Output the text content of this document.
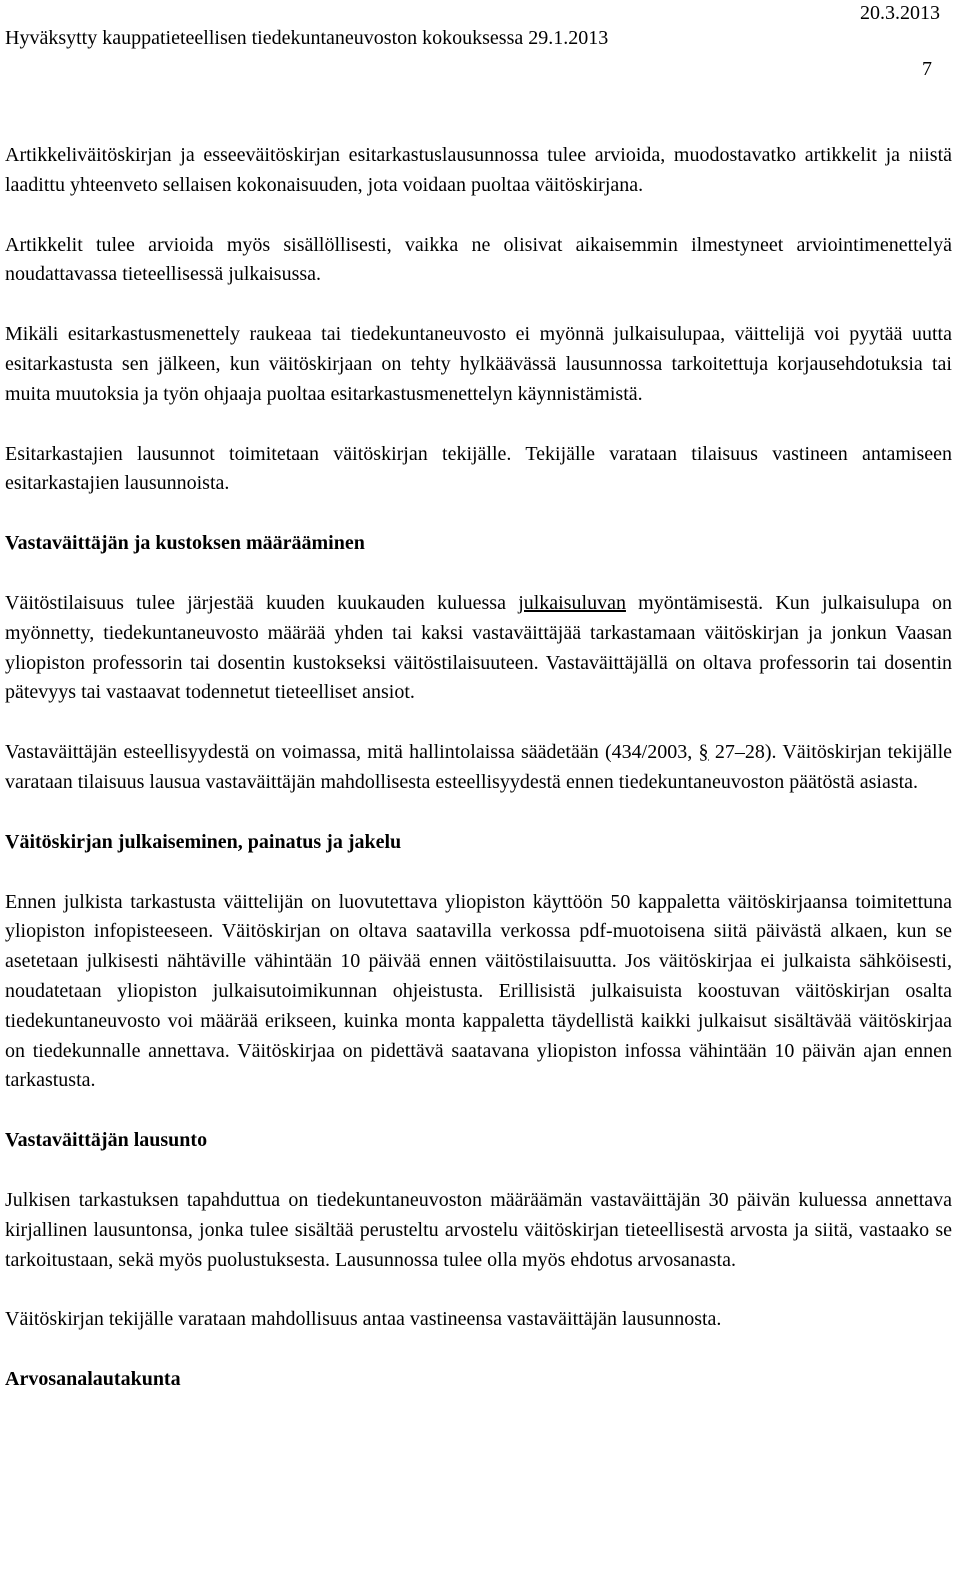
Hyväksytty kauppatieteellisen tiedekuntaneuvoston kokouksessa 29.1.2013
20.3.2013
7

Artikkeliväitöskirjan ja esseeväitöskirjan esitarkastuslausunnossa tulee arvioida, muodostavatko artikkelit ja niistä laadittu yhteenveto sellaisen kokonaisuuden, jota voidaan puoltaa väitöskirjana.

Artikkelit tulee arvioida myös sisällöllisesti, vaikka ne olisivat aikaisemmin ilmestyneet arviointimenettelyä noudattavassa tieteellisessä julkaisussa.

Mikäli esitarkastusmenettely raukeaa tai tiedekuntaneuvosto ei myönnä julkaisulupaa, väittelijä voi pyytää uutta esitarkastusta sen jälkeen, kun väitöskirjaan on tehty hylkäävässä lausunnossa tarkoitettuja korjausehdotuksia tai muita muutoksia ja työn ohjaaja puoltaa esitarkastusmenettelyn käynnistämistä.

Esitarkastajien lausunnot toimitetaan väitöskirjan tekijälle. Tekijälle varataan tilaisuus vastineen antamiseen esitarkastajien lausunnoista.

Vastaväittäjän ja kustoksen määrääminen

Väitöstilaisuus tulee järjestää kuuden kuukauden kuluessa julkaisuluvan myöntämisestä. Kun julkaisulupa on myönnetty, tiedekuntaneuvosto määrää yhden tai kaksi vastaväittäjää tarkastamaan väitöskirjan ja jonkun Vaasan yliopiston professorin tai dosentin kustokseksi väitöstilaisuuteen. Vastaväittäjällä on oltava professorin tai dosentin pätevyys tai vastaavat todennetut tieteelliset ansiot.

Vastaväittäjän esteellisyydestä on voimassa, mitä hallintolaissa säädetään (434/2003, § 27–28). Väitöskirjan tekijälle varataan tilaisuus lausua vastaväittäjän mahdollisesta esteellisyydestä ennen tiedekuntaneuvoston päätöstä asiasta.

Väitöskirjan julkaiseminen, painatus ja jakelu

Ennen julkista tarkastusta väittelijän on luovutettava yliopiston käyttöön 50 kappaletta väitöskirjaansa toimitettuna yliopiston infopisteeseen. Väitöskirjan on oltava saatavilla verkossa pdf-muotoisena siitä päivästä alkaen, kun se asetetaan julkisesti nähtäville vähintään 10 päivää ennen väitöstilaisuutta. Jos väitöskirjaa ei julkaista sähköisesti, noudatetaan yliopiston julkaisutoimikunnan ohjeistusta. Erillisistä julkaisuista koostuvan väitöskirjan osalta tiedekuntaneuvosto voi määrää erikseen, kuinka monta kappaletta täydellistä kaikki julkaisut sisältävää väitöskirjaa on tiedekunnalle annettava. Väitöskirjaa on pidettävä saatavana yliopiston infossa vähintään 10 päivän ajan ennen tarkastusta.

Vastaväittäjän lausunto

Julkisen tarkastuksen tapahduttua on tiedekuntaneuvoston määräämän vastaväittäjän 30 päivän kuluessa annettava kirjallinen lausuntonsa, jonka tulee sisältää perusteltu arvostelu väitöskirjan tieteellisestä arvosta ja siitä, vastaako se tarkoitustaan, sekä myös puolustuksesta. Lausunnossa tulee olla myös ehdotus arvosanasta.

Väitöskirjan tekijälle varataan mahdollisuus antaa vastineensa vastaväittäjän lausunnosta.

Arvosanalautakunta
